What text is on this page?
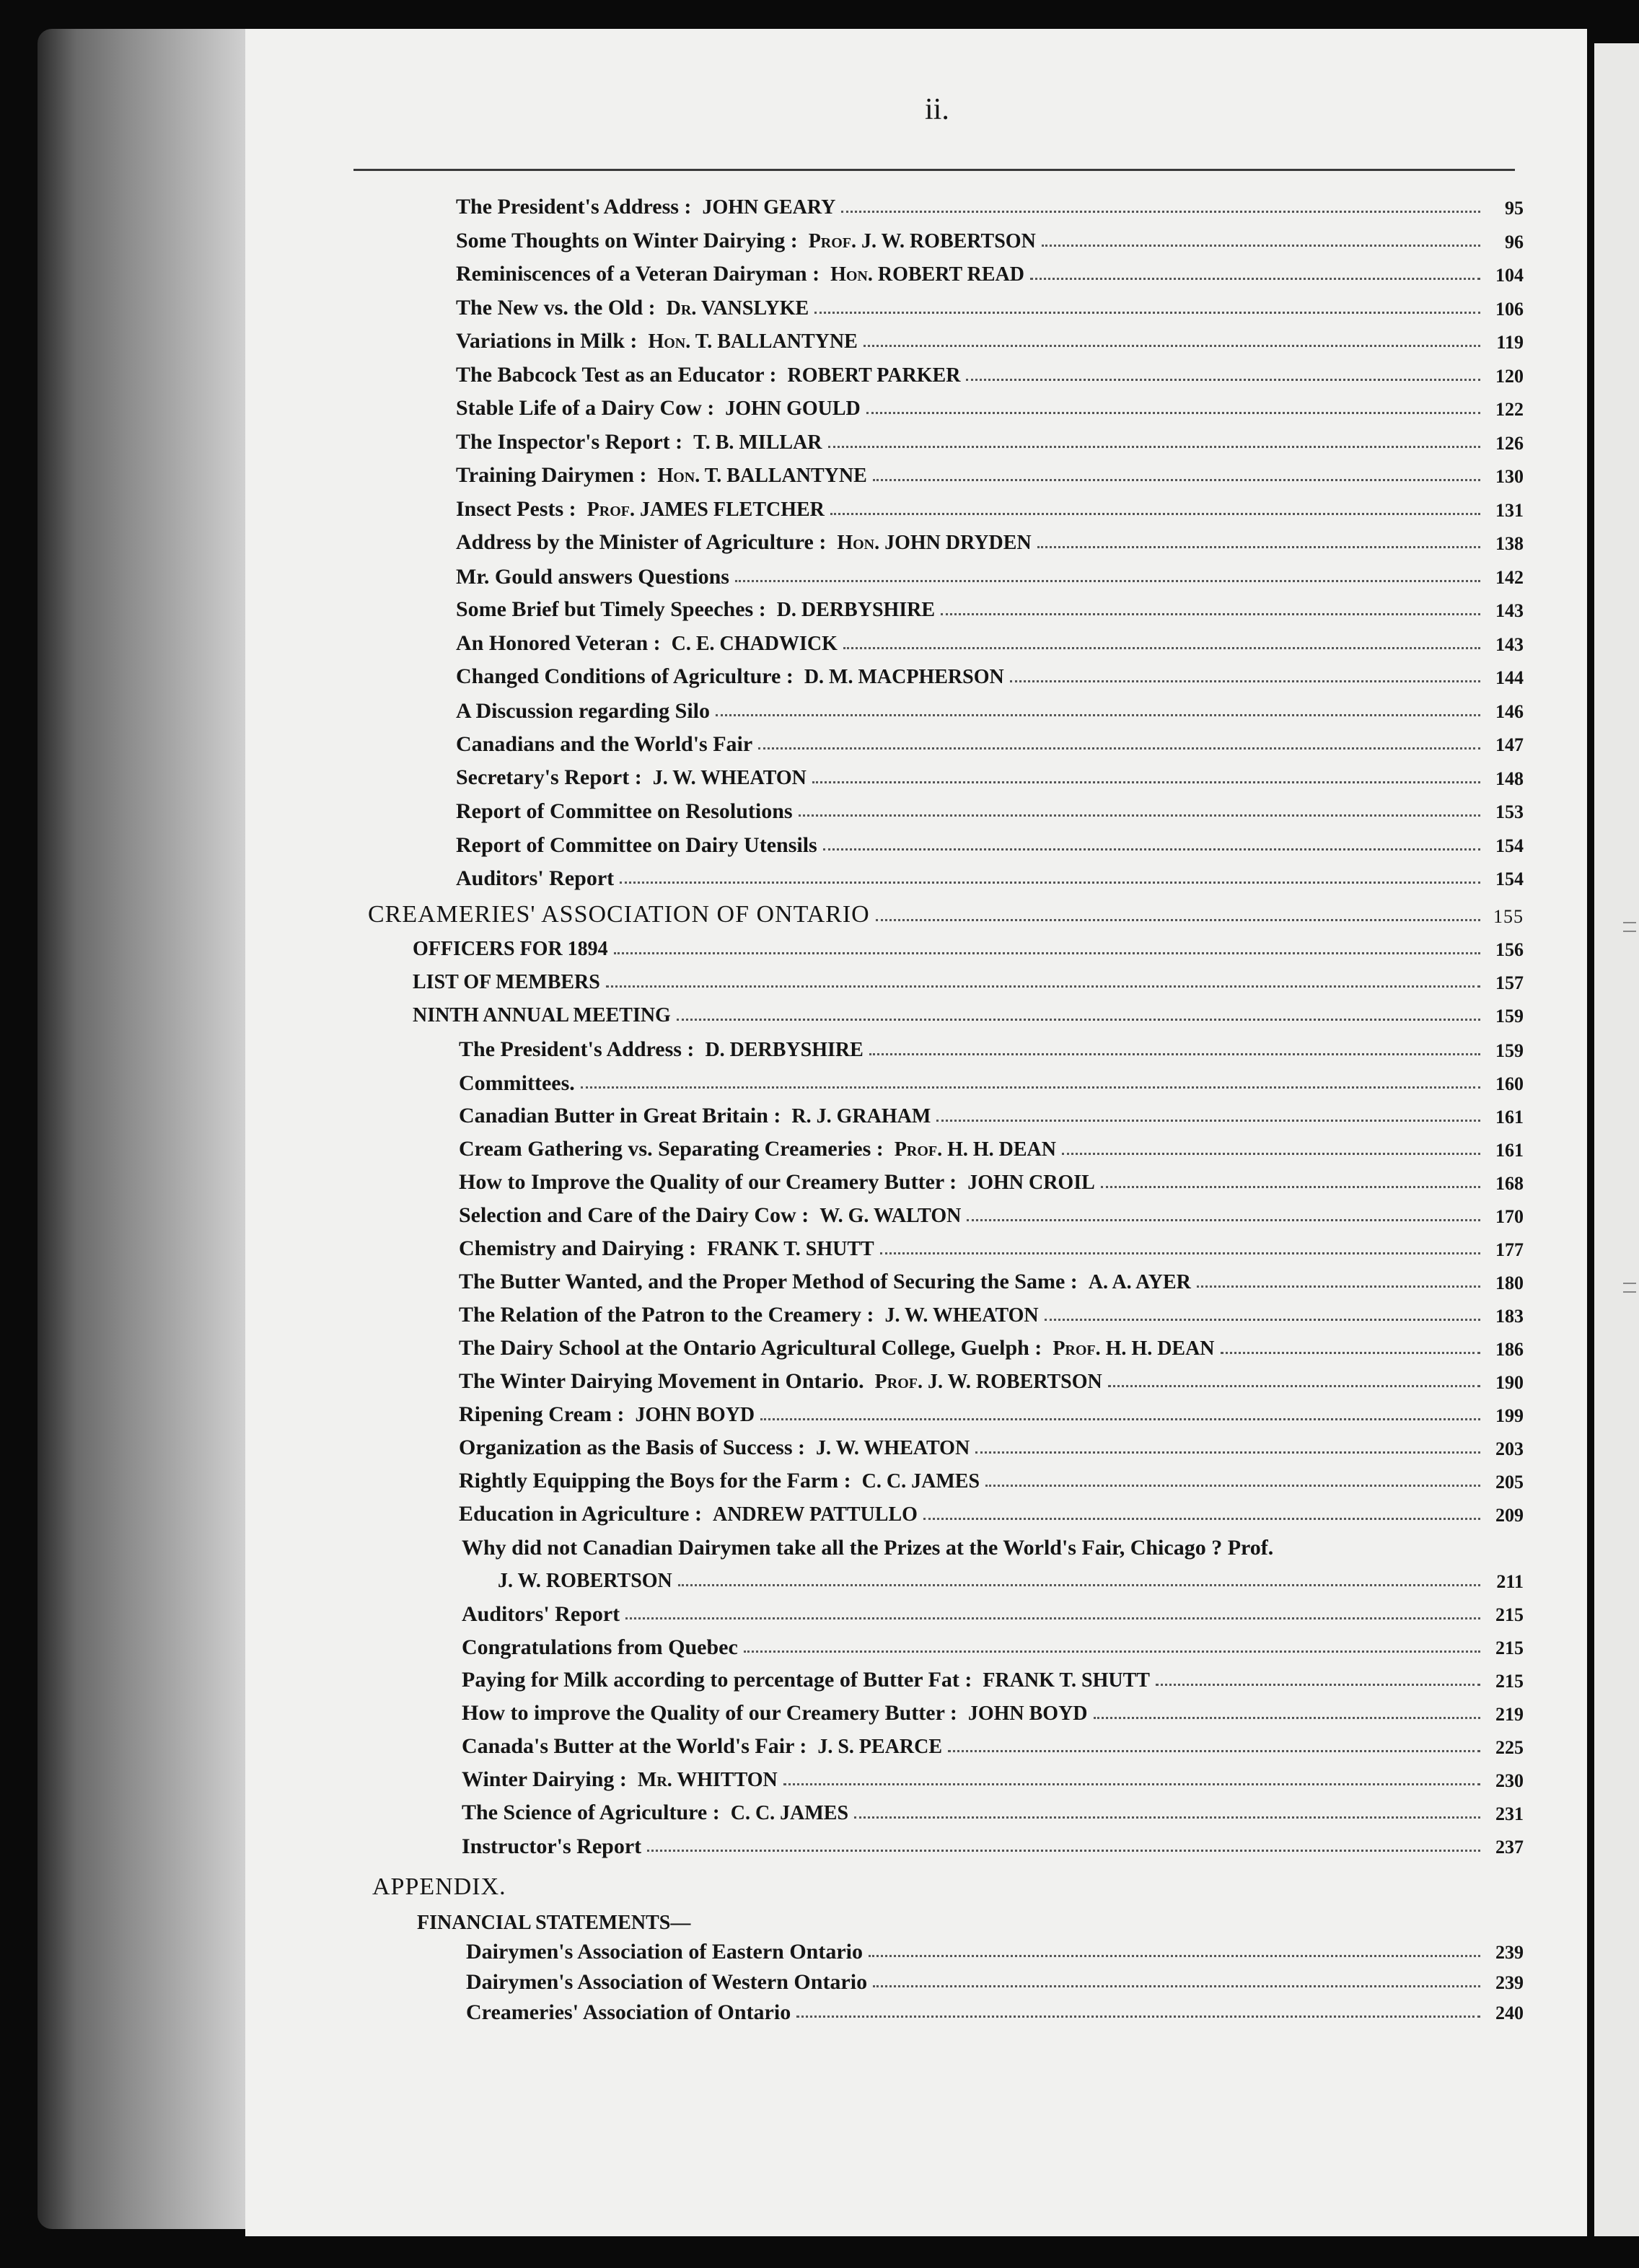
ii.
The President's Address :  JOHN GEARY	95
Some Thoughts on Winter Dairying :  Prof. J. W. ROBERTSON	96
Reminiscences of a Veteran Dairyman :  Hon. ROBERT READ	104
The New vs. the Old :  Dr. VANSLYKE	106
Variations in Milk :  Hon. T. BALLANTYNE	119
The Babcock Test as an Educator :  ROBERT PARKER	120
Stable Life of a Dairy Cow :  JOHN GOULD	122
The Inspector's Report :  T. B. MILLAR	126
Training Dairymen :  Hon. T. BALLANTYNE	130
Insect Pests :  Prof. JAMES FLETCHER	131
Address by the Minister of Agriculture :  Hon. JOHN DRYDEN	138
Mr. Gould answers Questions	142
Some Brief but Timely Speeches :  D. DERBYSHIRE	143
An Honored Veteran :  C. E. CHADWICK	143
Changed Conditions of Agriculture :  D. M. MACPHERSON	144
A Discussion regarding Silo	146
Canadians and the World's Fair	147
Secretary's Report :  J. W. WHEATON	148
Report of Committee on Resolutions	153
Report of Committee on Dairy Utensils	154
Auditors' Report	154
CREAMERIES' ASSOCIATION OF ONTARIO	155
OFFICERS FOR 1894	156
LIST OF MEMBERS	157
NINTH ANNUAL MEETING	159
The President's Address :  D. DERBYSHIRE	159
Committees.	160
Canadian Butter in Great Britain :  R. J. GRAHAM	161
Cream Gathering vs. Separating Creameries :  Prof. H. H. DEAN	161
How to Improve the Quality of our Creamery Butter :  JOHN CROIL	168
Selection and Care of the Dairy Cow :  W. G. WALTON	170
Chemistry and Dairying :  FRANK T. SHUTT	177
The Butter Wanted, and the Proper Method of Securing the Same :  A. A. AYER	180
The Relation of the Patron to the Creamery :  J. W. WHEATON	183
The Dairy School at the Ontario Agricultural College, Guelph :  Prof. H. H. DEAN	186
The Winter Dairying Movement in Ontario.  Prof. J. W. ROBERTSON	190
Ripening Cream :  JOHN BOYD	199
Organization as the Basis of Success :  J. W. WHEATON	203
Rightly Equipping the Boys for the Farm :  C. C. JAMES	205
Education in Agriculture :  ANDREW PATTULLO	209
Why did not Canadian Dairymen take all the Prizes at the World's Fair, Chicago ? Prof.
J. W. ROBERTSON	211
Auditors' Report	215
Congratulations from Quebec	215
Paying for Milk according to percentage of Butter Fat :  FRANK T. SHUTT	215
How to improve the Quality of our Creamery Butter :  JOHN BOYD	219
Canada's Butter at the World's Fair :  J. S. PEARCE	225
Winter Dairying :  Mr. WHITTON	230
The Science of Agriculture :  C. C. JAMES	231
Instructor's Report	237
APPENDIX.
FINANCIAL STATEMENTS—
Dairymen's Association of Eastern Ontario	239
Dairymen's Association of Western Ontario	239
Creameries' Association of Ontario	240
